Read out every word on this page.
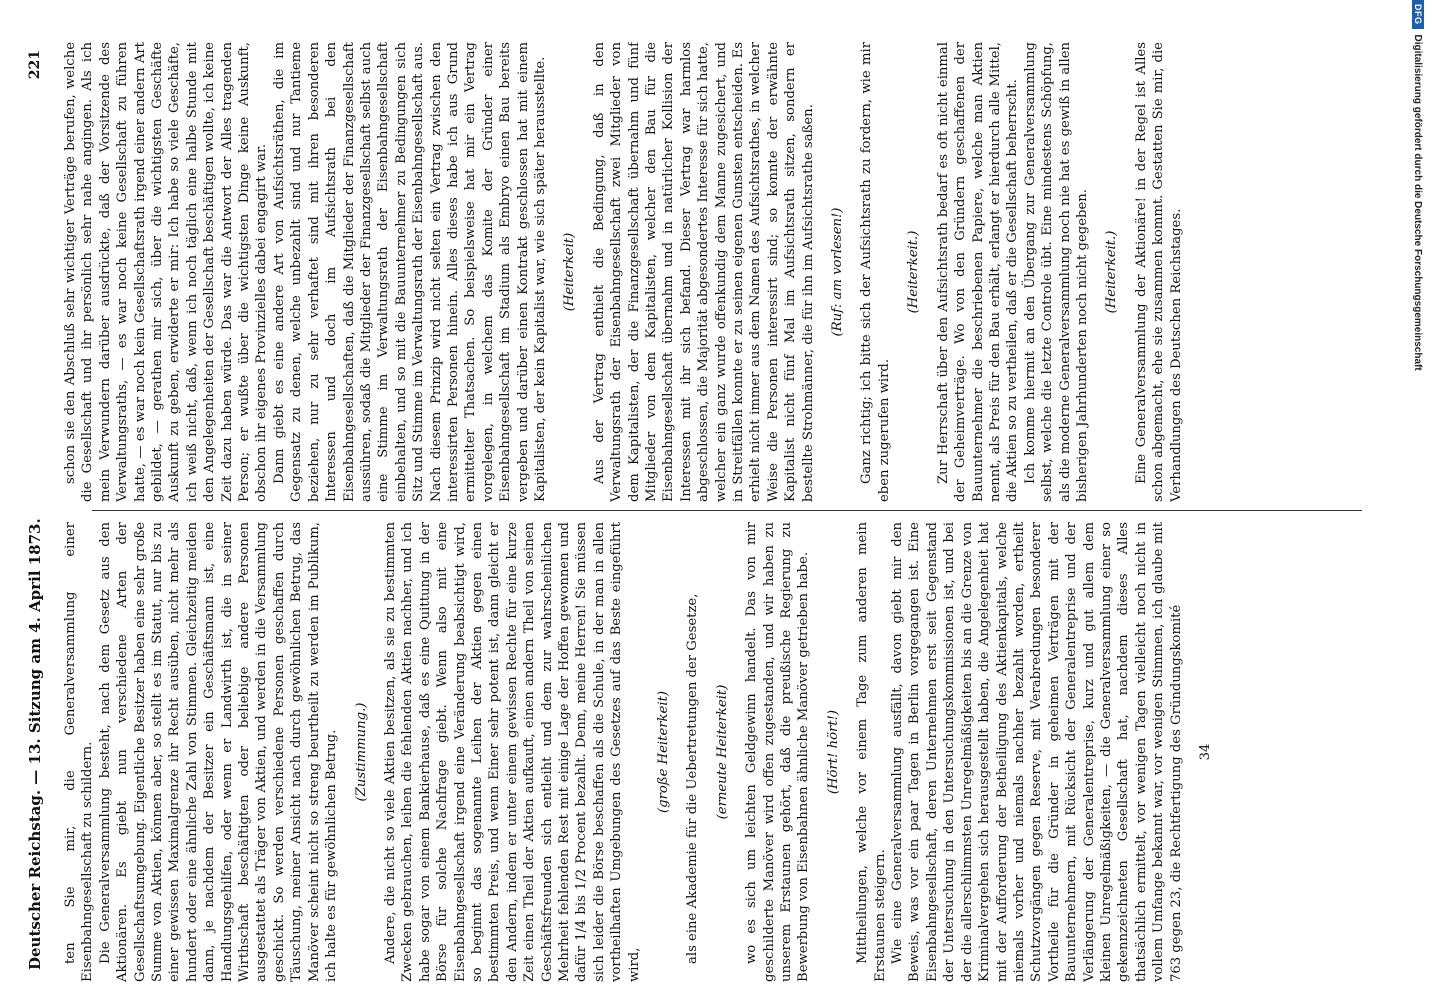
Deutscher Reichstag. — 13. Sitzung am 4. April 1873.
221 schon sie den Abschluß sehr wichtiger Verträge berufen, welche die Gesellschaft und ihr persönlich sehr nahe angingen. Als ich mein Verwundern darüber ausdrückte, daß der Vorsitzende des Verwaltungsraths, — es war noch keine Gesellschaft zu führen hatte, — es war noch kein Gesellschaftsrath irgend einer andern Art gebildet, — gerathen mir sich, über die wichtigsten Geschäfte Auskunft zu geben, erwiderte er mir: Ich habe so viele Geschäfte, ich weiß nicht, daß, wenn ich noch täglich eine halbe Stunde mit den Angelegenheiten der Gesellschaft beschäftigen wollte, ich keine Zeit dazu haben würde. Das war die Antwort der Alles tragenden Person; er wußte über die wichtigsten Dinge keine Auskunft, obschon ihr eigenes Provinzielles dabei engagirt war. Dann giebt es eine andere Art von Aufsichtsräthen, die im Gegensatz zu denen, welche unbezahlt sind und nur Tantieme beziehen, nur zu sehr verhaftet sind mit ihren besonderen Interessen und doch im Aufsichtsrath bei den Eisenbahngesellschaften, daß die Mitglieder der Finanzgesellschaft aussühren, sodaß die Mitglieder der Finanzgesellschaft selbst auch eine Stimme im Verwaltungsrath der Eisenbahngesellschaft einbehalten, und so mit die Bauunternehmer zu Bedingungen sich Sitz und Stimme im Verwaltungsrath der Eisenbahngesellschaft aus. Nach diesem Prinzip wird nicht selten ein Vertrag zwischen den interessirten Personen hinein. Alles dieses habe ich aus Grund ermittelter Thatsachen. So beispielsweise hat mir ein Vertrag vorgelegen, in welchem das Komite der Gründer einer Eisenbahngesellschaft im Stadium als Embryo einen Bau bereits vergeben und darüber einen Kontrakt geschlossen hat mit einem Kapitalisten, der kein Kapitalist war, wie sich später herausstellte. (Heiterkeit) Aus der Vertrag enthielt die Bedingung, daß in den Verwaltungsrath der Eisenbahngesellschaft zwei Mitglieder von dem Kapitalisten, der die Finanzgesellschaft übernahm und fünf Mitglieder von dem Kapitalisten, welcher den Bau für die Eisenbahngesellschaft übernahm und in natürlicher Kollision der Interessen mit ihr sich befand. Dieser Vertrag war harmlos abgeschlossen, die Majorität abgesondertes Interesse für sich hatte, welcher ein ganz wurde offenkundig dem Manne zugesichert, und in Streitfällen konnte er zu seinen eigenen Gunsten entscheiden. Es erhielt nicht immer aus dem Namen des Aufsichtsrathes, in welcher Weise die Personen interessirt sind; so konnte der erwähnte Kapitalist nicht fünf Mal im Aufsichtsrath sitzen, sondern er bestellte Strohmänner, die für ihn im Aufsichtsrathe saßen. (Ruf: am vorlesen!) Ganz richtig; ich bitte sich der Aufsichtsrath zu fordern, wie mir eben zugerufen wird.

(Heiterkeit.) Zur Herrschaft über den Aufsichtsrath bedarf es oft nicht einmal der Geheimverträge. Wo von den Gründern geschaffenen der Bauunternehmer die beschriebenen Papiere, welche man Aktien nennt, als Preis für den Bau erhält, erlangt er hierdurch alle Mittel, die Aktien so zu vertheilen, daß er die Gesellschaft beherrscht. Ich komme hiermit an den Übergang zur Generalversammlung selbst, welche die letzte Controle übt. Eine mindestens Schöpfung, als die moderne Generalversammlung noch nie hat es gewiß in allen bisherigen Jahrhunderten noch nicht gegeben. (Heiterkeit.) Eine Generalversammlung der Aktionäre! in der Regel ist Alles schon abgemacht, ehe sie zusammen kommt. Gestatten Sie mir, die Verhandlungen des Deutschen Reichstages.

ten Sie mir, die Generalversammlung einer Eisenbahngesellschaft zu schildern. Die Generalversammlung besteht, nach dem Gesetz aus den Aktionären. Es giebt nun verschiedene Arten der Gesellschaftsumgebung. Eigentliche Besitzer haben eine sehr große Summe von Aktien, können aber, so stellt es im Statut, nur bis zu einer gewissen Maximalgrenze ihr Recht ausüben, nicht mehr als hundert oder eine ähnliche Zahl von Stimmen. Gleichzeitig meiden dann, je nachdem der Besitzer ein Geschäftsmann ist, eine Handlungsgehilfen, oder wenn er Landwirth ist, die in seiner Wirthschaft beschäftigten oder beliebige andere Personen ausgestattet als Träger von Aktien, und werden in die Versammlung geschickt. So werden verschiedene Personen geschaffen durch Täuschung, meiner Ansicht nach durch gewöhnlichen Betrug, das Manöver scheint nicht so streng beurtheilt zu werden im Publikum, ich halte es für gewöhnlichen Betrug. (Zustimmung.) Andere, die nicht so viele Aktien besitzen, als sie zu bestimmten Zwecken gebrauchen, leihen die fehlenden Aktien nachher, und ich habe sogar von einem Bankierhause, daß es eine Quittung in der Börse für solche Nachfrage giebt. Wenn also mit eine Eisenbahngesellschaft irgend eine Veränderung beabsichtigt wird, so beginnt das sogenannte Leihen der Aktien gegen einen bestimmten Preis, und wenn Einer sehr potent ist, dann gleicht er den Andern, indem er unter einem gewissen Rechte für eine kurze Zeit einen Theil der Aktien aufkauft, einen andern Theil von seinen Geschäftsfreunden sich entleiht und dem zur wahrscheinlichen Mehrheit fehlenden Rest mit einige Lage der Hoffen gewonnen und dafür 1/4 bis 1/2 Procent bezahlt. Denn, meine Herren! Sie müssen sich leider die Börse beschaffen als die Schule, in der man in allen vortheilhaften Umgebungen des Gesetzes auf das Beste eingeführt wird,

(große Heiterkeit) als eine Akademie für die Uebertretungen der Gesetze, (erneute Heiterkeit) wo es sich um leichten Geldgewinn handelt. Das von mir geschilderte Manöver wird offen zugestanden, und wir haben zu unserem Erstaunen gehört, daß die preußische Regierung zu Bewerbung von Eisenbahnen ähnliche Manöver getrieben habe. (Hört! hört!) Mittheilungen, welche vor einem Tage zum anderen mein Erstaunen steigern. Wie eine Generalversammlung ausfällt, davon giebt mir den Beweis, was vor ein paar Tagen in Berlin vorgegangen ist. Eine Eisenbahngesellschaft, deren Unternehmen erst seit Gegenstand der Untersuchung in den Untersuchungskommissionen ist, und bei der die allerschlimmsten Unregelmäßigkeiten bis an die Grenze von Kriminalvergehen sich herausgestellt haben, die Angelegenheit hat mit der Aufforderung der Betheiligung des Aktienkapitals, welche niemals vorher und niemals nachher bezahlt worden, ertheilt Schutzvorgängen gegen Reserve, mit Verabredungen besonderer Vortheile für die Gründer in geheimen Verträgen mit der Bauunternehmern, mit Rücksicht der Generalentreprise und der Verlängerung der Generalentreprise, kurz und gut allem dem kleinen Unregelmäßigkeiten, — die Generalversammlung einer so gekennzeichneten Gesellschaft hat, nachdem dieses Alles thatsächlich ermittelt, vor wenigen Tagen vielleicht noch nicht in vollem Umfange bekannt war, vor wenigen Stimmen, ich glaube mit 763 gegen 23, die Rechtfertigung des Gründungskomité 34

DFG
Digitalisierung gefördert durch die Deutsche Forschungsgemeinschaft
